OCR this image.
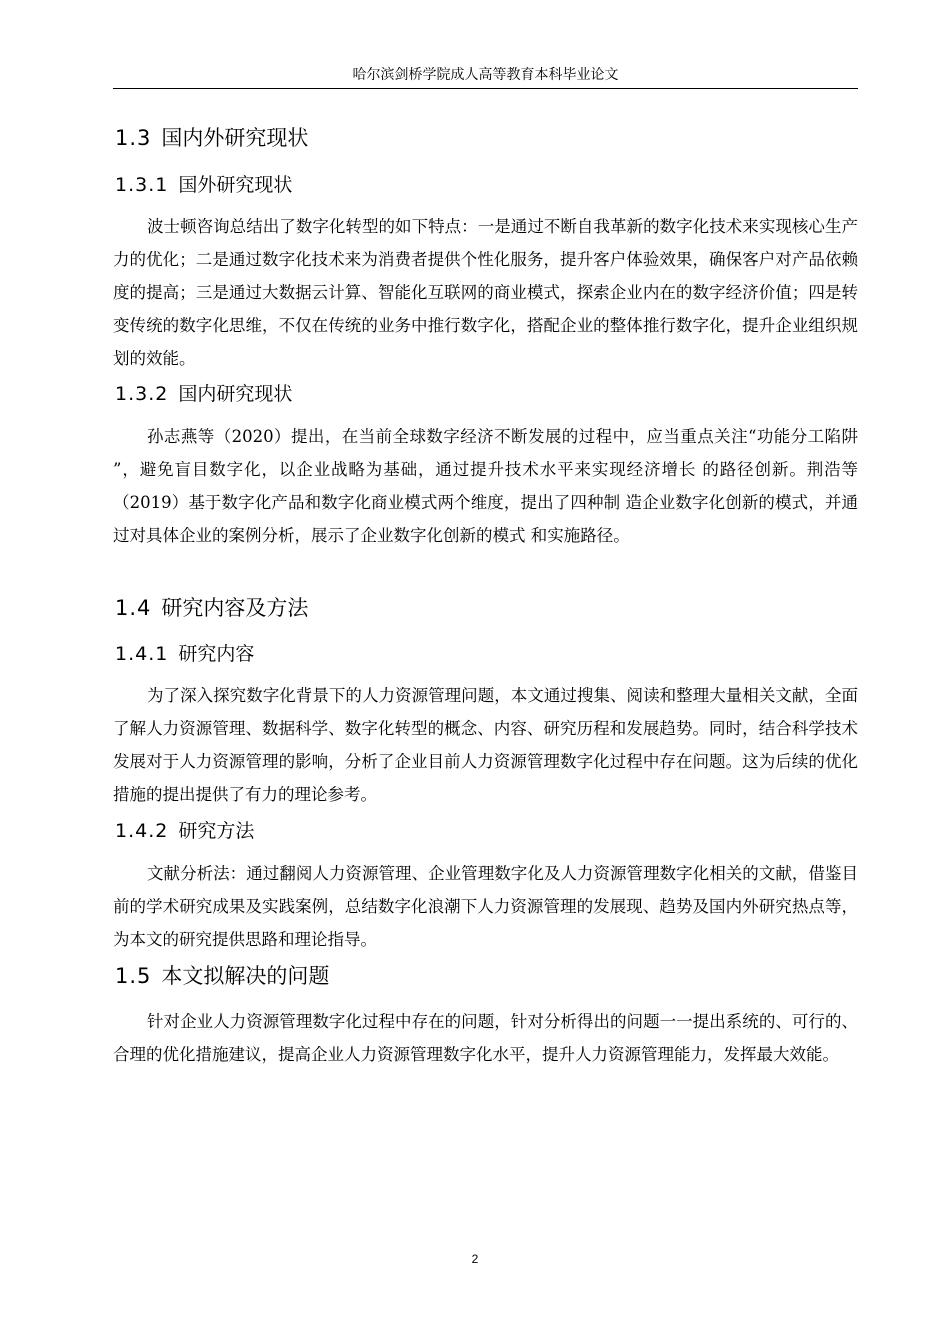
哈尔滨剑桥学院成人高等教育本科毕业论文
1.3 国内外研究现状
1.3.1 国外研究现状

波士顿咨询总结出了数字化转型的如下特点：一是通过不断自我革新的数字化技术来实现核心生产力的优化；二是通过数字化技术来为消费者提供个性化服务，提升客户体验效果，确保客户对产品依赖度的提高；三是通过大数据云计算、智能化互联网的商业模式，探索企业内在的数字经济价值；四是转变传统的数字化思维，不仅在传统的业务中推行数字化，搭配企业的整体推行数字化，提升企业组织规划的效能。

1.3.2 国内研究现状

孙志燕等（2020）提出，在当前全球数字经济不断发展的过程中，应当重点关注“功能分工陷阱 ”，避免盲目数字化，以企业战略为基础，通过提升技术水平来实现经济增长 的路径创新。荆浩等（2019）基于数字化产品和数字化商业模式两个维度，提出了四种制 造企业数字化创新的模式，并通过对具体企业的案例分析，展示了企业数字化创新的模式 和实施路径。

1.4 研究内容及方法
1.4.1 研究内容

为了深入探究数字化背景下的人力资源管理问题，本文通过搜集、阅读和整理大量相关文献，全面了解人力资源管理、数据科学、数字化转型的概念、内容、研究历程和发展趋势。同时，结合科学技术发展对于人力资源管理的影响，分析了企业目前人力资源管理数字化过程中存在问题。这为后续的优化措施的提出提供了有力的理论参考。

1.4.2 研究方法

文献分析法：通过翻阅人力资源管理、企业管理数字化及人力资源管理数字化相关的文献，借鉴目前的学术研究成果及实践案例，总结数字化浪潮下人力资源管理的发展现、趋势及国内外研究热点等，为本文的研究提供思路和理论指导。

1.5 本文拟解决的问题

针对企业人力资源管理数字化过程中存在的问题，针对分析得出的问题一一提出系统的、可行的、合理的优化措施建议，提高企业人力资源管理数字化水平，提升人力资源管理能力，发挥最大效能。

2
